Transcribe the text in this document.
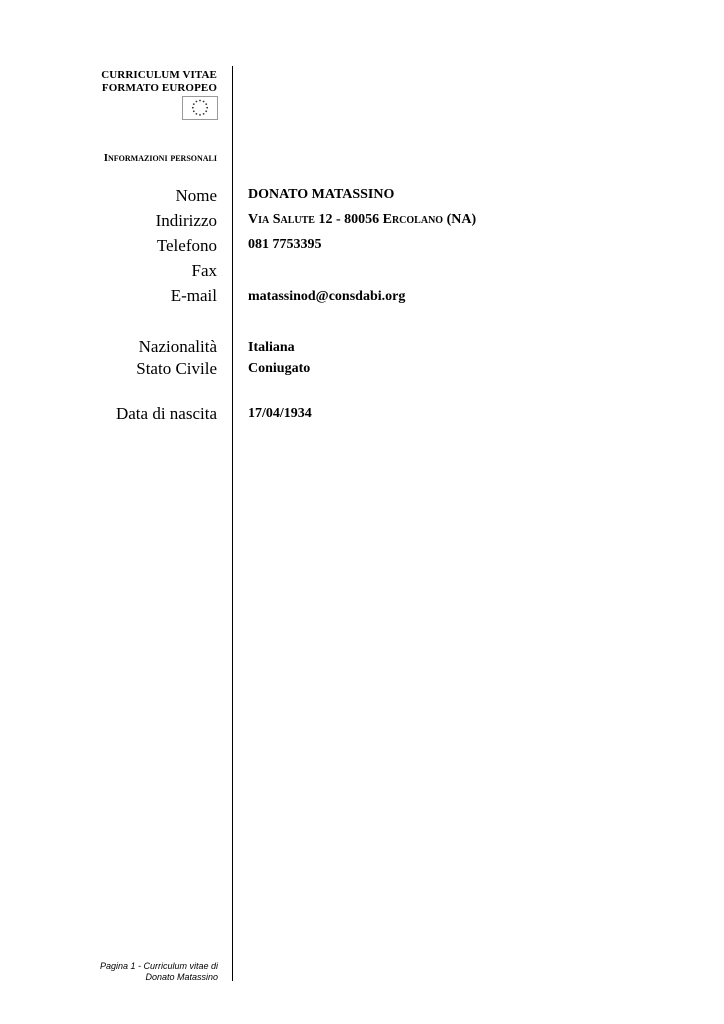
CURRICULUM VITAE
FORMATO EUROPEO
Informazioni personali
Nome
Indirizzo
Telefono
Fax
E-mail
Nazionalità
Stato Civile
Data di nascita
DONATO MATASSINO
Via Salute 12 - 80056 Ercolano (NA)
081 7753395
matassinod@consdabi.org
Italiana
Coniugato
17/04/1934
Pagina 1 - Curriculum vitae di
Donato Matassino
